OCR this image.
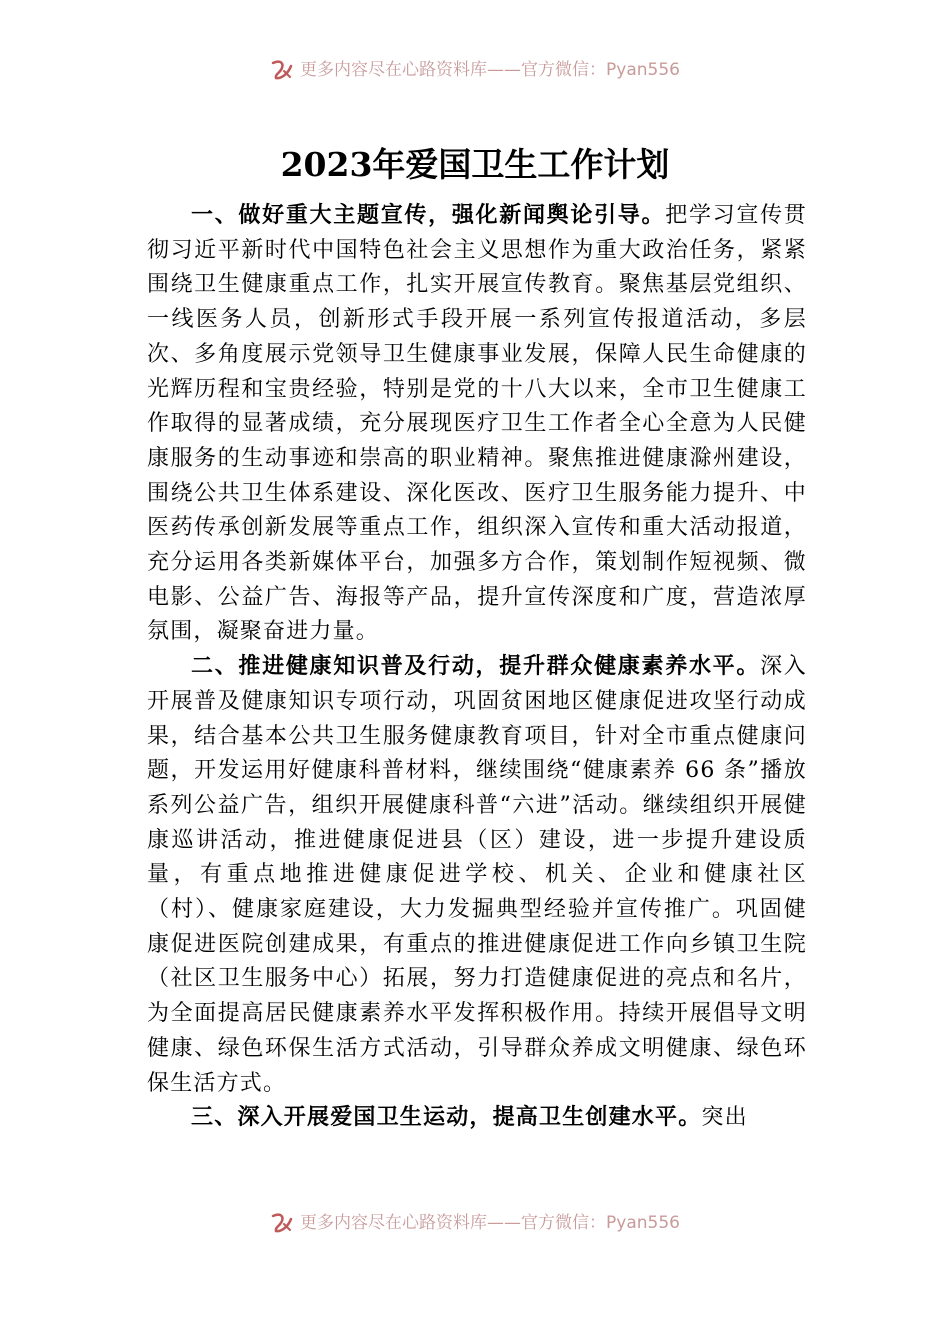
更多内容尽在心路资料库——官方微信：Pyan556
2023年爱国卫生工作计划

一、做好重大主题宣传，强化新闻舆论引导。把学习宣传贯彻习近平新时代中国特色社会主义思想作为重大政治任务，紧紧围绕卫生健康重点工作，扎实开展宣传教育。聚焦基层党组织、一线医务人员，创新形式手段开展一系列宣传报道活动，多层次、多角度展示党领导卫生健康事业发展，保障人民生命健康的光辉历程和宝贵经验，特别是党的十八大以来，全市卫生健康工作取得的显著成绩，充分展现医疗卫生工作者全心全意为人民健康服务的生动事迹和崇高的职业精神。聚焦推进健康滁州建设，围绕公共卫生体系建设、深化医改、医疗卫生服务能力提升、中医药传承创新发展等重点工作，组织深入宣传和重大活动报道，充分运用各类新媒体平台，加强多方合作，策划制作短视频、微电影、公益广告、海报等产品，提升宣传深度和广度，营造浓厚氛围，凝聚奋进力量。

二、推进健康知识普及行动，提升群众健康素养水平。深入开展普及健康知识专项行动，巩固贫困地区健康促进攻坚行动成果，结合基本公共卫生服务健康教育项目，针对全市重点健康问题，开发运用好健康科普材料，继续围绕“健康素养 66 条”播放系列公益广告，组织开展健康科普“六进”活动。继续组织开展健康巡讲活动，推进健康促进县（区）建设，进一步提升建设质量，有重点地推进健康促进学校、机关、企业和健康社区（村）、健康家庭建设，大力发掘典型经验并宣传推广。巩固健康促进医院创建成果，有重点的推进健康促进工作向乡镇卫生院（社区卫生服务中心）拓展，努力打造健康促进的亮点和名片，为全面提高居民健康素养水平发挥积极作用。持续开展倡导文明健康、绿色环保生活方式活动，引导群众养成文明健康、绿色环保生活方式。

三、深入开展爱国卫生运动，提高卫生创建水平。突出

更多内容尽在心路资料库——官方微信：Pyan556
